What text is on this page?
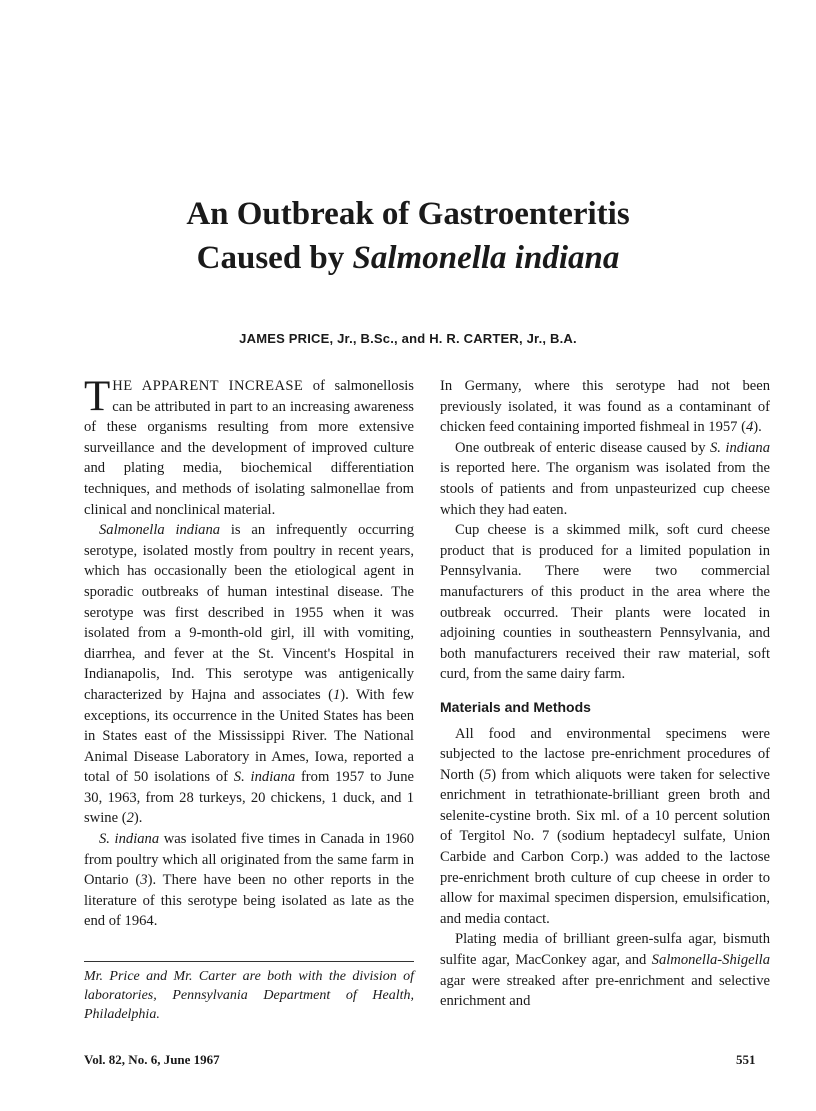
An Outbreak of Gastroenteritis
Caused by Salmonella indiana
JAMES PRICE, Jr., B.Sc., and H. R. CARTER, Jr., B.A.

THE APPARENT INCREASE of salmonellosis can be attributed in part to an increasing awareness of these organisms resulting from more extensive surveillance and the development of improved culture and plating media, biochemical differentiation techniques, and methods of isolating salmonellae from clinical and nonclinical material.

Salmonella indiana is an infrequently occurring serotype, isolated mostly from poultry in recent years, which has occasionally been the etiological agent in sporadic outbreaks of human intestinal disease. The serotype was first described in 1955 when it was isolated from a 9-month-old girl, ill with vomiting, diarrhea, and fever at the St. Vincent's Hospital in Indianapolis, Ind. This serotype was antigenically characterized by Hajna and associates (1). With few exceptions, its occurrence in the United States has been in States east of the Mississippi River. The National Animal Disease Laboratory in Ames, Iowa, reported a total of 50 isolations of S. indiana from 1957 to June 30, 1963, from 28 turkeys, 20 chickens, 1 duck, and 1 swine (2).

S. indiana was isolated five times in Canada in 1960 from poultry which all originated from the same farm in Ontario (3). There have been no other reports in the literature of this serotype being isolated as late as the end of 1964.

Mr. Price and Mr. Carter are both with the division of laboratories, Pennsylvania Department of Health, Philadelphia.

In Germany, where this serotype had not been previously isolated, it was found as a contaminant of chicken feed containing imported fishmeal in 1957 (4).

One outbreak of enteric disease caused by S. indiana is reported here. The organism was isolated from the stools of patients and from unpasteurized cup cheese which they had eaten.

Cup cheese is a skimmed milk, soft curd cheese product that is produced for a limited population in Pennsylvania. There were two commercial manufacturers of this product in the area where the outbreak occurred. Their plants were located in adjoining counties in southeastern Pennsylvania, and both manufacturers received their raw material, soft curd, from the same dairy farm.

Materials and Methods

All food and environmental specimens were subjected to the lactose pre-enrichment procedures of North (5) from which aliquots were taken for selective enrichment in tetrathionate-brilliant green broth and selenite-cystine broth. Six ml. of a 10 percent solution of Tergitol No. 7 (sodium heptadecyl sulfate, Union Carbide and Carbon Corp.) was added to the lactose pre-enrichment broth culture of cup cheese in order to allow for maximal specimen dispersion, emulsification, and media contact.

Plating media of brilliant green-sulfa agar, bismuth sulfite agar, MacConkey agar, and Salmonella-Shigella agar were streaked after pre-enrichment and selective enrichment and

Vol. 82, No. 6, June 1967	551
